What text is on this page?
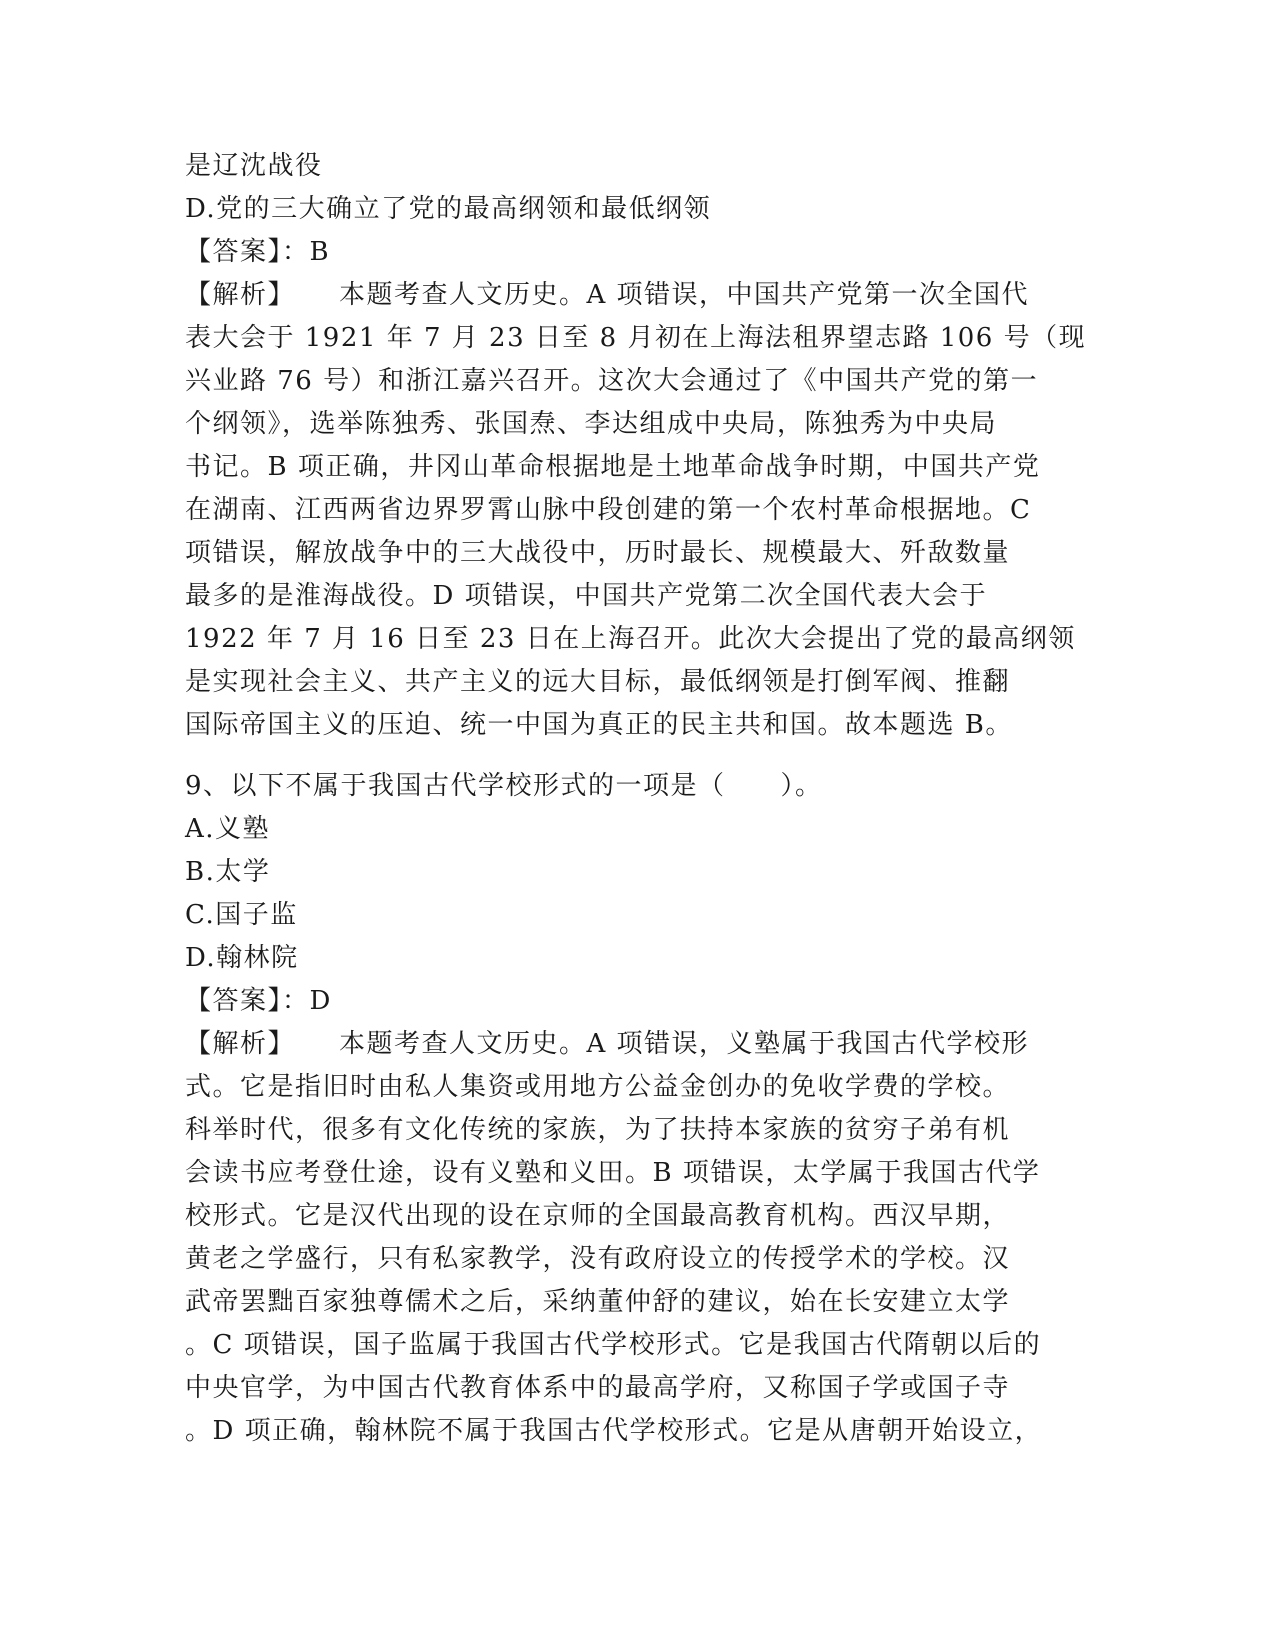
是辽沈战役
D.党的三大确立了党的最高纲领和最低纲领
【答案】：B
【解析】 本题考查人文历史。A 项错误，中国共产党第一次全国代
表大会于 1921 年 7 月 23 日至 8 月初在上海法租界望志路 106 号（现
兴业路 76 号）和浙江嘉兴召开。这次大会通过了《中国共产党的第一
个纲领》，选举陈独秀、张国焘、李达组成中央局，陈独秀为中央局
书记。B 项正确，井冈山革命根据地是土地革命战争时期，中国共产党
在湖南、江西两省边界罗霄山脉中段创建的第一个农村革命根据地。C
项错误，解放战争中的三大战役中，历时最长、规模最大、歼敌数量
最多的是淮海战役。D 项错误，中国共产党第二次全国代表大会于
1922 年 7 月 16 日至 23 日在上海召开。此次大会提出了党的最高纲领
是实现社会主义、共产主义的远大目标，最低纲领是打倒军阀、推翻
国际帝国主义的压迫、统一中国为真正的民主共和国。故本题选 B。
9、以下不属于我国古代学校形式的一项是（　　）。
A.义塾
B.太学
C.国子监
D.翰林院
【答案】：D
【解析】 本题考查人文历史。A 项错误，义塾属于我国古代学校形
式。它是指旧时由私人集资或用地方公益金创办的免收学费的学校。
科举时代，很多有文化传统的家族，为了扶持本家族的贫穷子弟有机
会读书应考登仕途，设有义塾和义田。B 项错误，太学属于我国古代学
校形式。它是汉代出现的设在京师的全国最高教育机构。西汉早期，
黄老之学盛行，只有私家教学，没有政府设立的传授学术的学校。汉
武帝罢黜百家独尊儒术之后，采纳董仲舒的建议，始在长安建立太学
。C 项错误，国子监属于我国古代学校形式。它是我国古代隋朝以后的
中央官学，为中国古代教育体系中的最高学府，又称国子学或国子寺
。D 项正确，翰林院不属于我国古代学校形式。它是从唐朝开始设立，
